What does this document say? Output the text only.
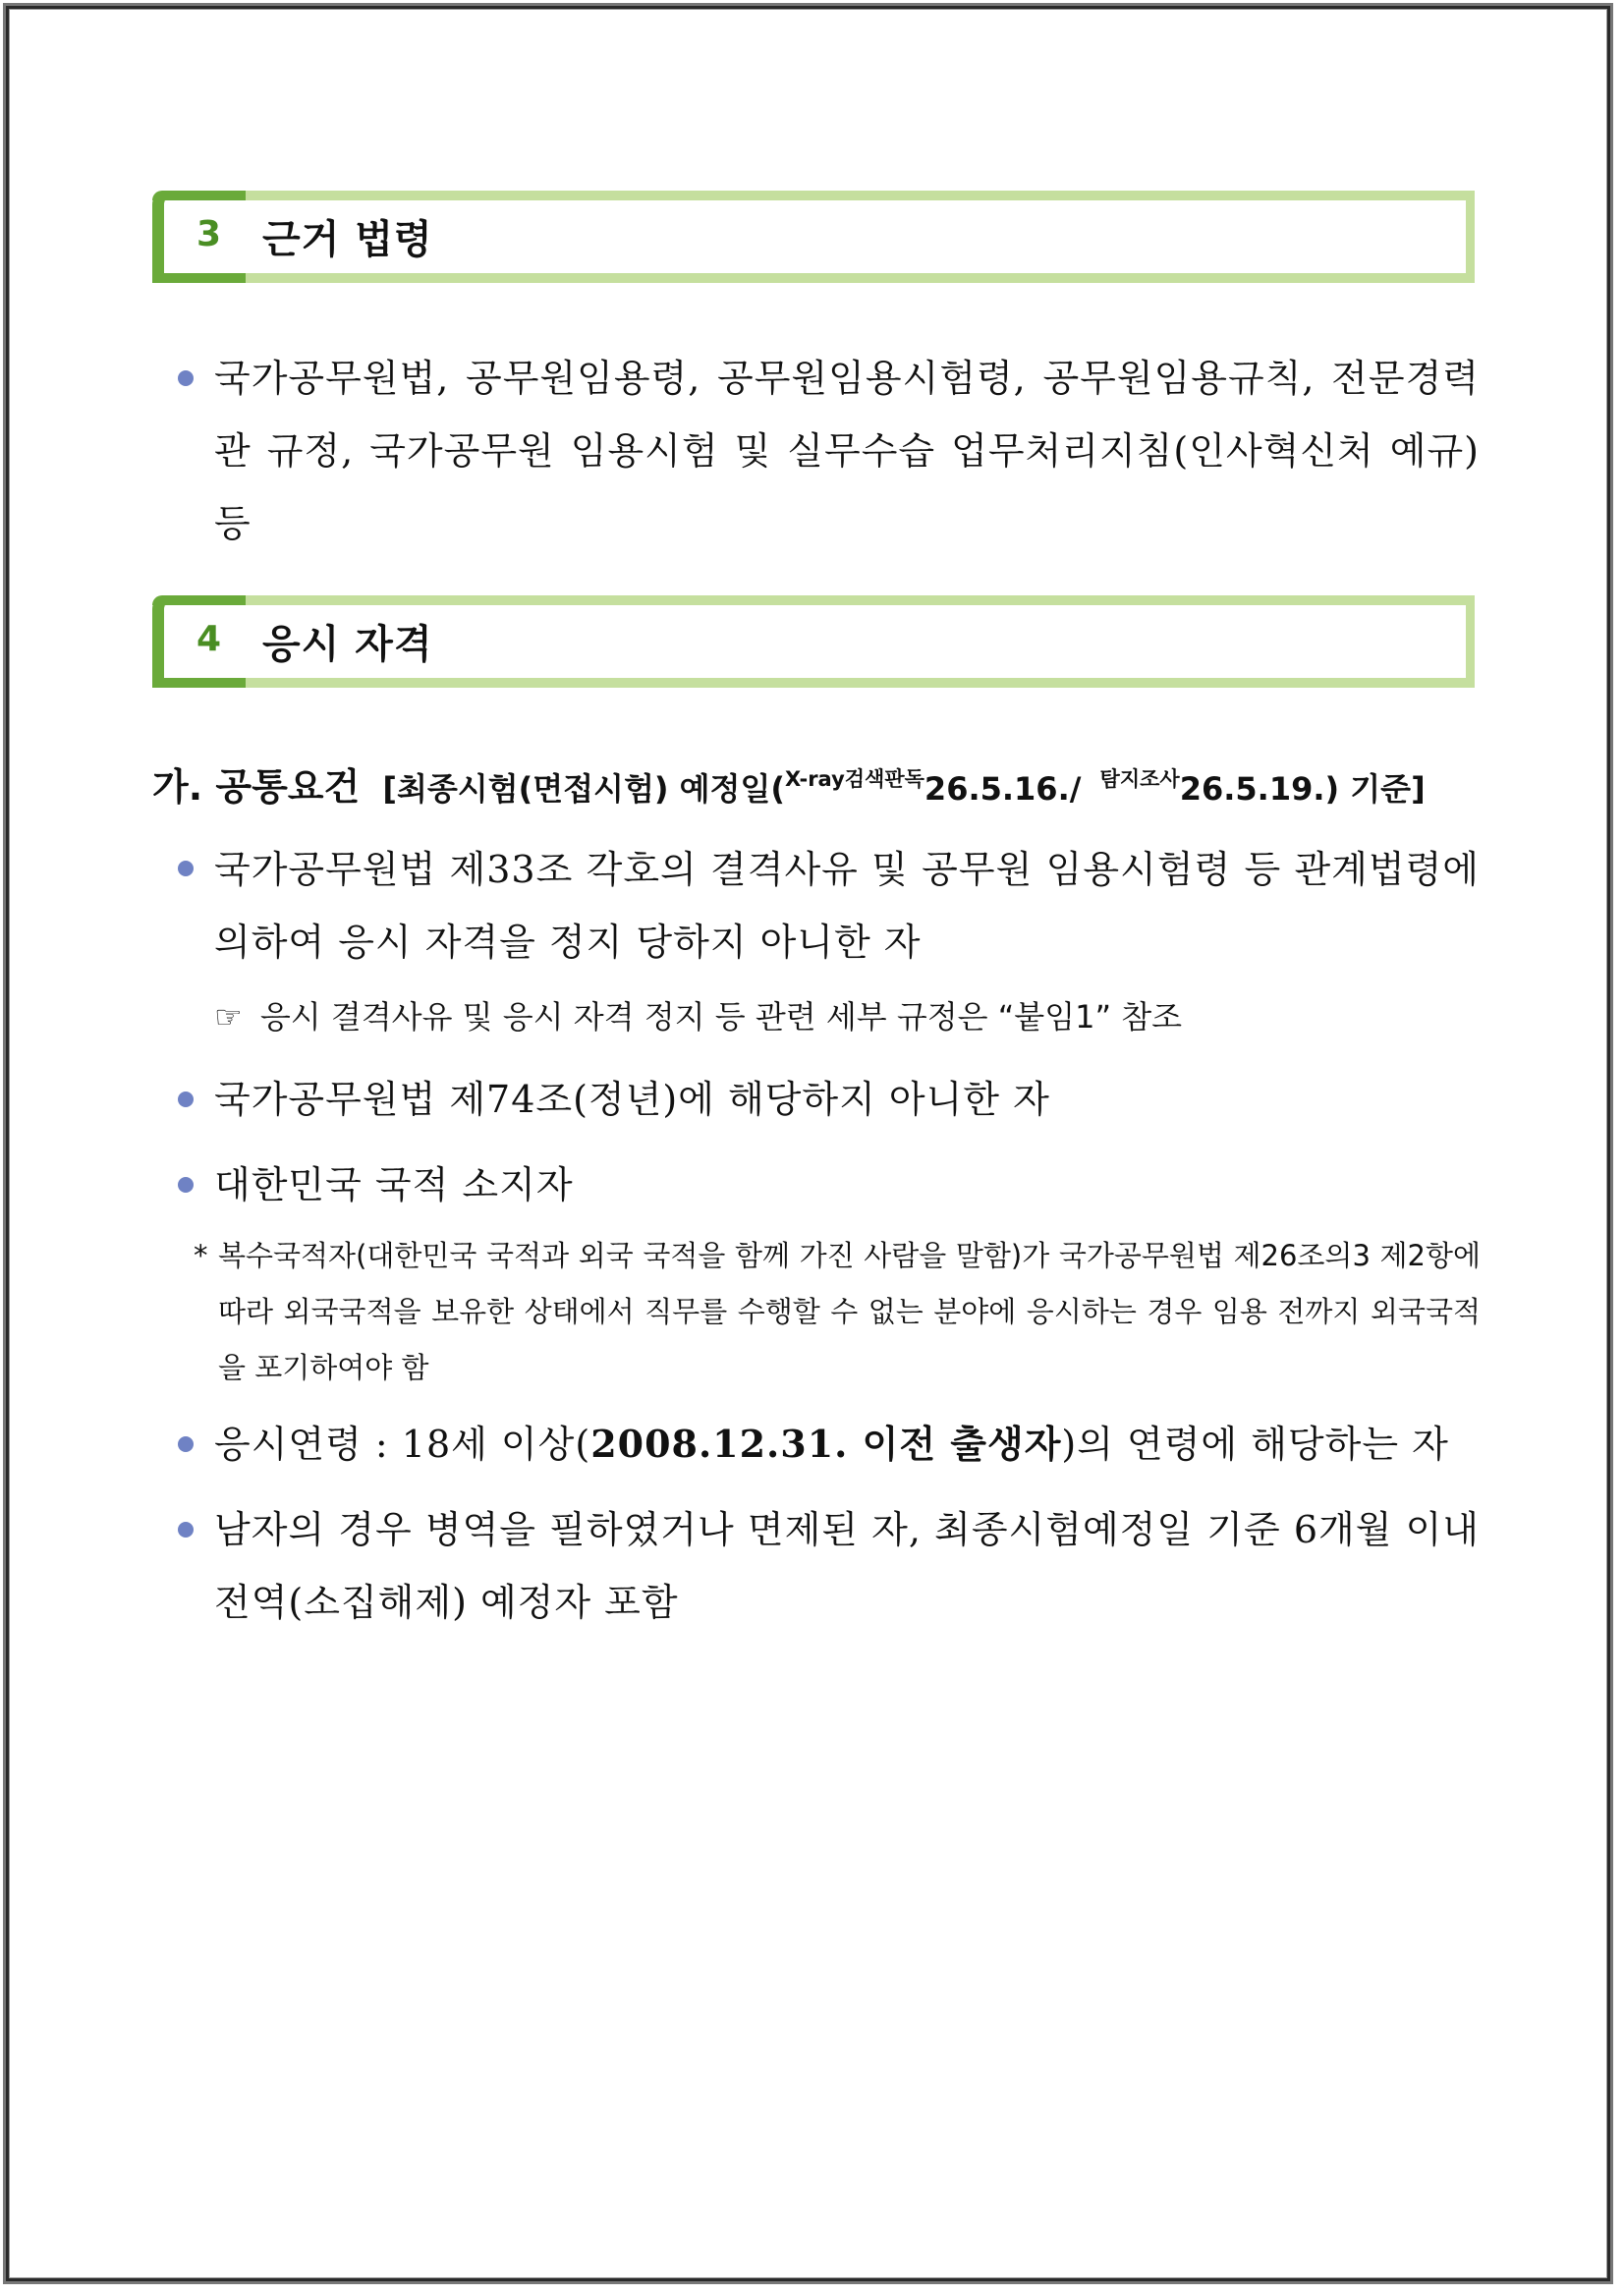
3 근거 법령
국가공무원법, 공무원임용령, 공무원임용시험령, 공무원임용규칙, 전문경력관 규정, 국가공무원 임용시험 및 실무수습 업무처리지침(인사혁신처 예규) 등
4 응시 자격
가. 공통요건 [최종시험(면접시험) 예정일($^{X-ray검색판독}$26.5.16./ $^{탐지조사}$26.5.19.) 기준]
국가공무원법 제33조 각호의 결격사유 및 공무원 임용시험령 등 관계법령에 의하여 응시 자격을 정지 당하지 아니한 자
☞ 응시 결격사유 및 응시 자격 정지 등 관련 세부 규정은 “붙임1” 참조
국가공무원법 제74조(정년)에 해당하지 아니한 자
대한민국 국적 소지자
* 복수국적자(대한민국 국적과 외국 국적을 함께 가진 사람을 말함)가 국가공무원법 제26조의3 제2항에 따라 외국국적을 보유한 상태에서 직무를 수행할 수 없는 분야에 응시하는 경우 임용 전까지 외국국적을 포기하여야 함
응시연령 : 18세 이상(2008.12.31. 이전 출생자)의 연령에 해당하는 자
남자의 경우 병역을 필하였거나 면제된 자, 최종시험예정일 기준 6개월 이내 전역(소집해제) 예정자 포함
